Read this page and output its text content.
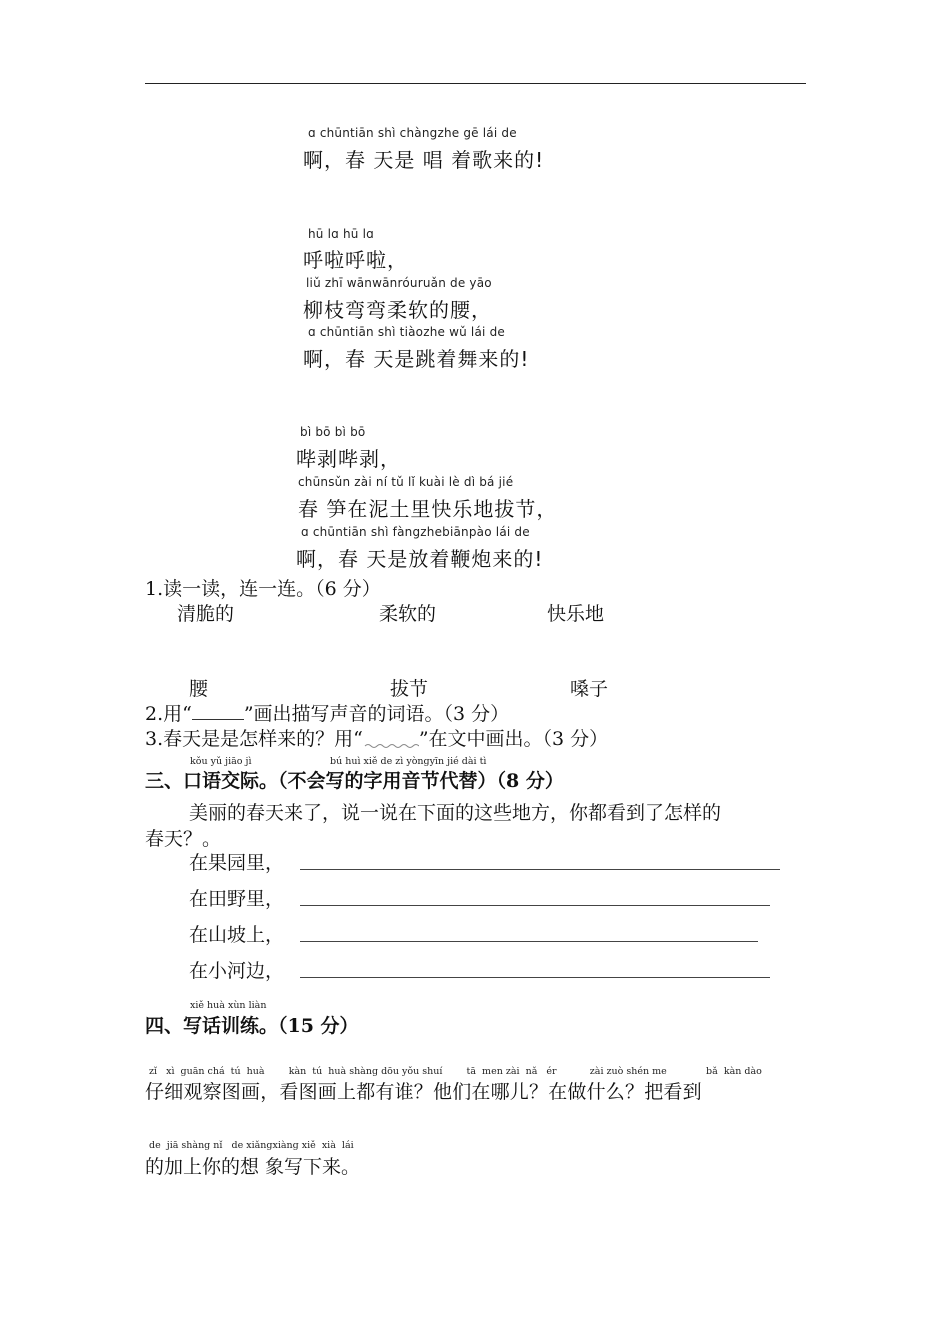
ɑ chūntiān shì chàngzhe gē lái de
啊，春 天是 唱 着歌来的!
hū lɑ hū lɑ
呼啦呼啦，
liǔ zhī wānwānróuruǎn de yāo
柳枝弯弯柔软的腰，
ɑ chūntiān shì tiàozhe wǔ lái de
啊，春 天是跳着舞来的!
bì bō bì bō
哔剥哔剥，
chūnsǔn zài ní tǔ lǐ kuài lè dì bá jié
春 笋在泥土里快乐地拔节，
ɑ chūntiān shì fàngzhebiānpào lái de
啊，春 天是放着鞭炮来的!
1.读一读，连一连。（6 分）
清脆的	柔软的	快乐地
腰	拔节	嗓子
2.用“	”画出描写声音的词语。（3 分）
3.春天是是怎样来的？用“	”在文中画出。（3 分）
kǒu yǔ jiāo jì	bú huì xiě de zì yòngyīn jié dài tì
三、口语交际。（不会写的字用音节代替）（8 分）
美丽的春天来了，说一说在下面的这些地方，你都看到了怎样的
春天？。
在果园里，
在田野里，
在山坡上，
在小河边，
xiě huà xùn liàn
四、写话训练。（15 分）
zǐ   xì  guān chá  tú  huà        kàn  tú  huà shàng dōu yǒu shuí        tā  men zài  nǎ   ér           zài zuò shén me             bǎ  kàn dào
仔细观察图画，看图画上都有谁？他们在哪儿？在做什么？把看到
de  jiā shàng nǐ   de xiǎngxiàng xiě  xià  lái
的加上你的想 象写下来。
